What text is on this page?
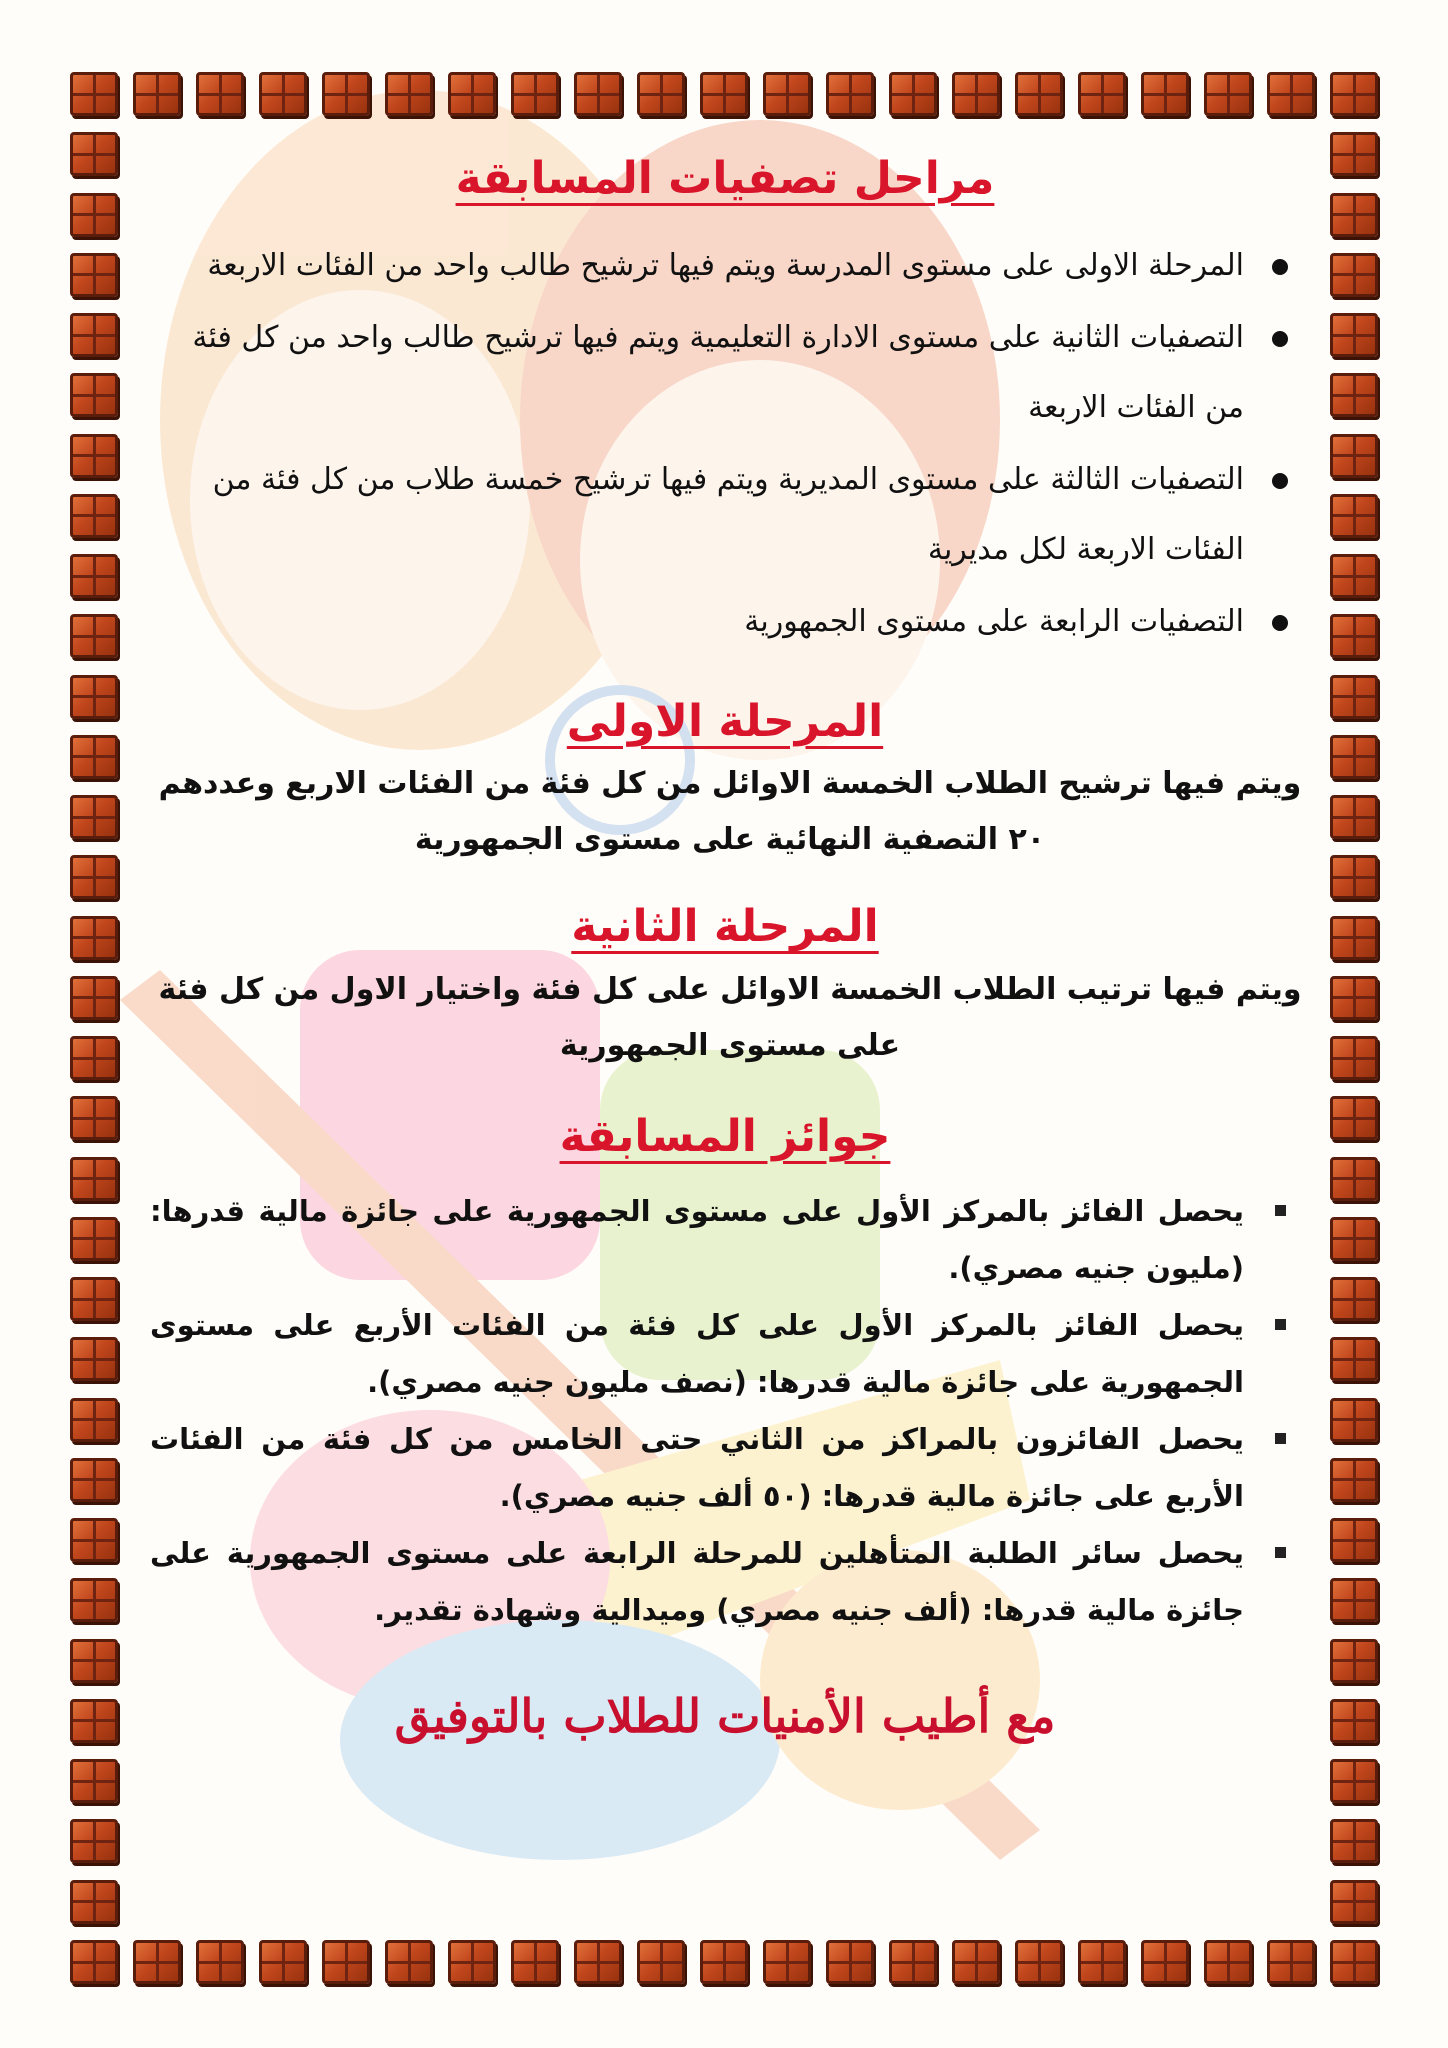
مراحل تصفيات المسابقة
المرحلة الاولى على مستوى المدرسة ويتم فيها ترشيح طالب واحد من الفئات الاربعة
التصفيات الثانية على مستوى الادارة التعليمية ويتم فيها ترشيح طالب واحد من كل فئة من الفئات الاربعة
التصفيات الثالثة على مستوى المديرية ويتم فيها ترشيح خمسة طلاب من كل فئة من الفئات الاربعة لكل مديرية
التصفيات الرابعة على مستوى الجمهورية
المرحلة الاولى

ويتم فيها ترشيح الطلاب الخمسة الاوائل من كل فئة من الفئات الاربع وعددهم ٢٠ التصفية النهائية على مستوى الجمهورية

المرحلة الثانية

ويتم فيها ترتيب الطلاب الخمسة الاوائل على كل فئة واختيار الاول من كل فئة على مستوى الجمهورية

جوائز المسابقة
يحصل الفائز بالمركز الأول على مستوى الجمهورية على جائزة مالية قدرها: (مليون جنيه مصري).
يحصل الفائز بالمركز الأول على كل فئة من الفئات الأربع على مستوى الجمهورية على جائزة مالية قدرها: (نصف مليون جنيه مصري).
يحصل الفائزون بالمراكز من الثاني حتى الخامس من كل فئة من الفئات الأربع على جائزة مالية قدرها: (٥٠ ألف جنيه مصري).
يحصل سائر الطلبة المتأهلين للمرحلة الرابعة على مستوى الجمهورية على جائزة مالية قدرها: (ألف جنيه مصري) وميدالية وشهادة تقدير.

مع أطيب الأمنيات للطلاب بالتوفيق
